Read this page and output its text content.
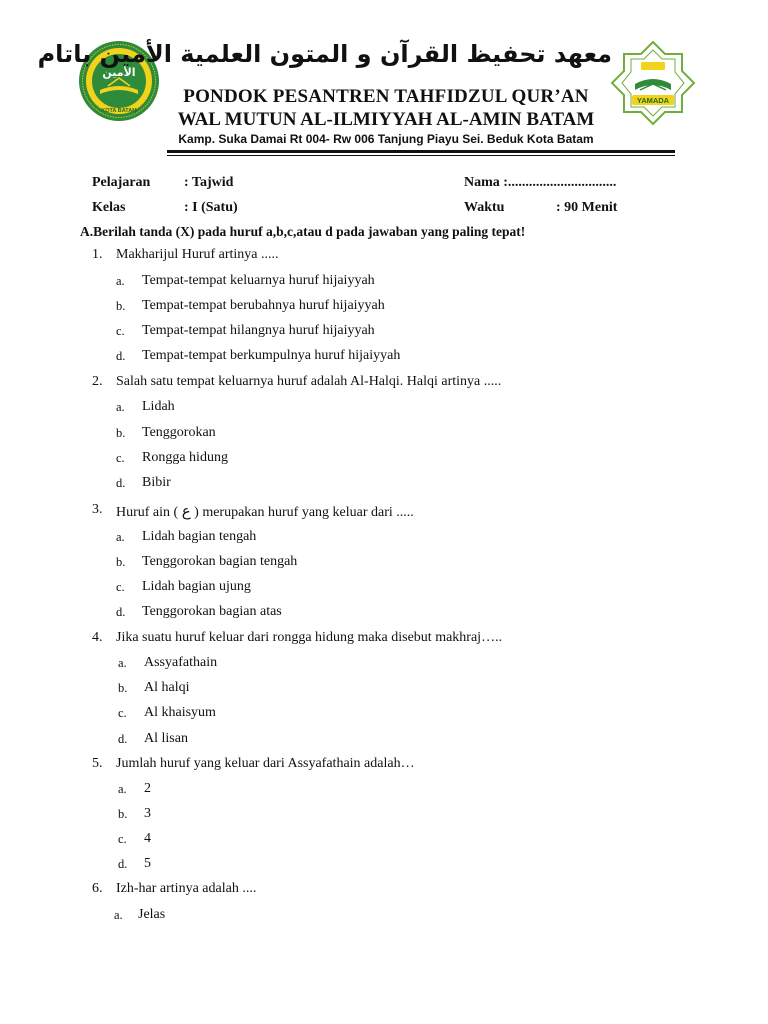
الأمين
KOTA BATAM
YAMADA
معهد تحفيظ القرآن و المتون العلمية الأمين باتام
PONDOK PESANTREN TAHFIDZUL QUR’AN
WAL MUTUN AL-ILMIYYAH AL-AMIN BATAM
Kamp. Suka Damai Rt 004- Rw 006 Tanjung Piayu Sei. Beduk Kota Batam
Pelajaran : Tajwid
Kelas	: I (Satu)
Nama :...............................
Waktu	: 90 Menit
A.Berilah tanda (X) pada huruf a,b,c,atau d pada jawaban yang paling tepat!
1. Makharijul Huruf artinya .....
a. Tempat-tempat keluarnya huruf hijaiyyah
b. Tempat-tempat berubahnya huruf hijaiyyah
c. Tempat-tempat hilangnya huruf hijaiyyah
d. Tempat-tempat berkumpulnya huruf hijaiyyah
2. Salah satu tempat keluarnya huruf adalah Al-Halqi. Halqi artinya .....
a. Lidah
b. Tenggorokan
c. Rongga hidung
d. Bibir
3. Huruf ain ( ع ) merupakan huruf yang keluar dari .....
a. Lidah bagian tengah
b. Tenggorokan bagian tengah
c. Lidah bagian ujung
d. Tenggorokan bagian atas
4. Jika suatu huruf keluar dari rongga hidung maka disebut makhraj…..
a. Assyafathain
b. Al halqi
c. Al khaisyum
d. Al lisan
5. Jumlah huruf yang keluar dari Assyafathain adalah…
a. 2
b. 3
c. 4
d. 5
6. Izh-har artinya adalah ....
a. Jelas
